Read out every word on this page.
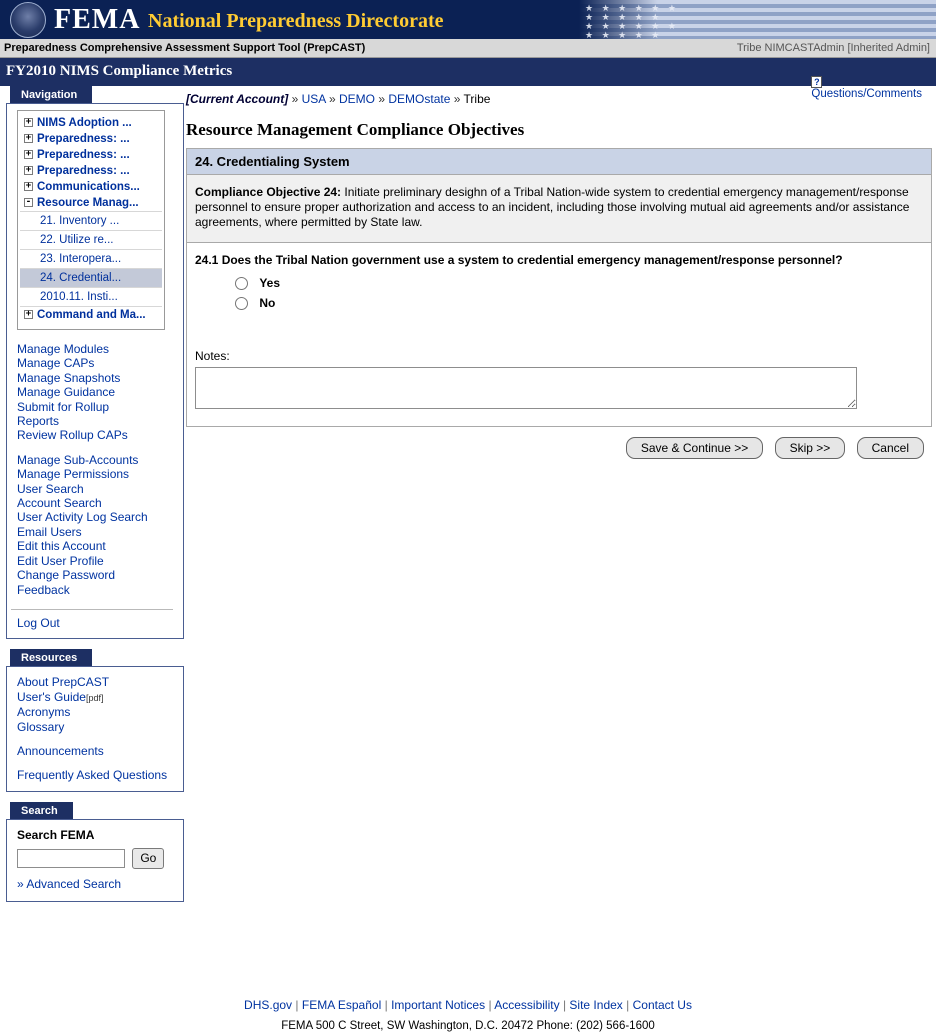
FEMA National Preparedness Directorate
★ ★ ★ ★ ★ ★
★ ★ ★ ★ ★
★ ★ ★ ★ ★ ★
★ ★ ★ ★ ★
Preparedness Comprehensive Assessment Support Tool (PrepCAST)	Tribe NIMCASTAdmin [Inherited Admin]
FY2010 NIMS Compliance Metrics
Navigation
+ NIMS Adoption ...
+ Preparedness: ...
+ Preparedness: ...
+ Preparedness: ...
+ Communications...
- Resource Manag...
21. Inventory ...
22. Utilize re...
23. Interopera...
24. Credential...
2010.11. Insti...
+ Command and Ma...
Manage Modules
Manage CAPs
Manage Snapshots
Manage Guidance
Submit for Rollup
Reports
Review Rollup CAPs
Manage Sub-Accounts
Manage Permissions
User Search
Account Search
User Activity Log Search
Email Users
Edit this Account
Edit User Profile
Change Password
Feedback
Log Out
Resources
About PrepCAST
User's Guide[pdf]
Acronyms
Glossary
Announcements
Frequently Asked Questions
Search
Search FEMA
Go
» Advanced Search
[Current Account] » USA » DEMO » DEMOstate » Tribe
?
Questions/Comments
Resource Management Compliance Objectives
24. Credentialing System

Compliance Objective 24: Initiate preliminary desighn of a Tribal Nation-wide system to credential emergency management/response personnel to ensure proper authorization and access to an incident, including those involving mutual aid agreements and/or assistance agreements, where permitted by State law.

24.1 Does the Tribal Nation government use a system to credential emergency management/response personnel?
Yes
No
Notes:
Save & Continue >>	Skip >>	Cancel
DHS.gov | FEMA Español | Important Notices | Accessibility | Site Index | Contact Us
FEMA 500 C Street, SW Washington, D.C. 20472 Phone: (202) 566-1600
